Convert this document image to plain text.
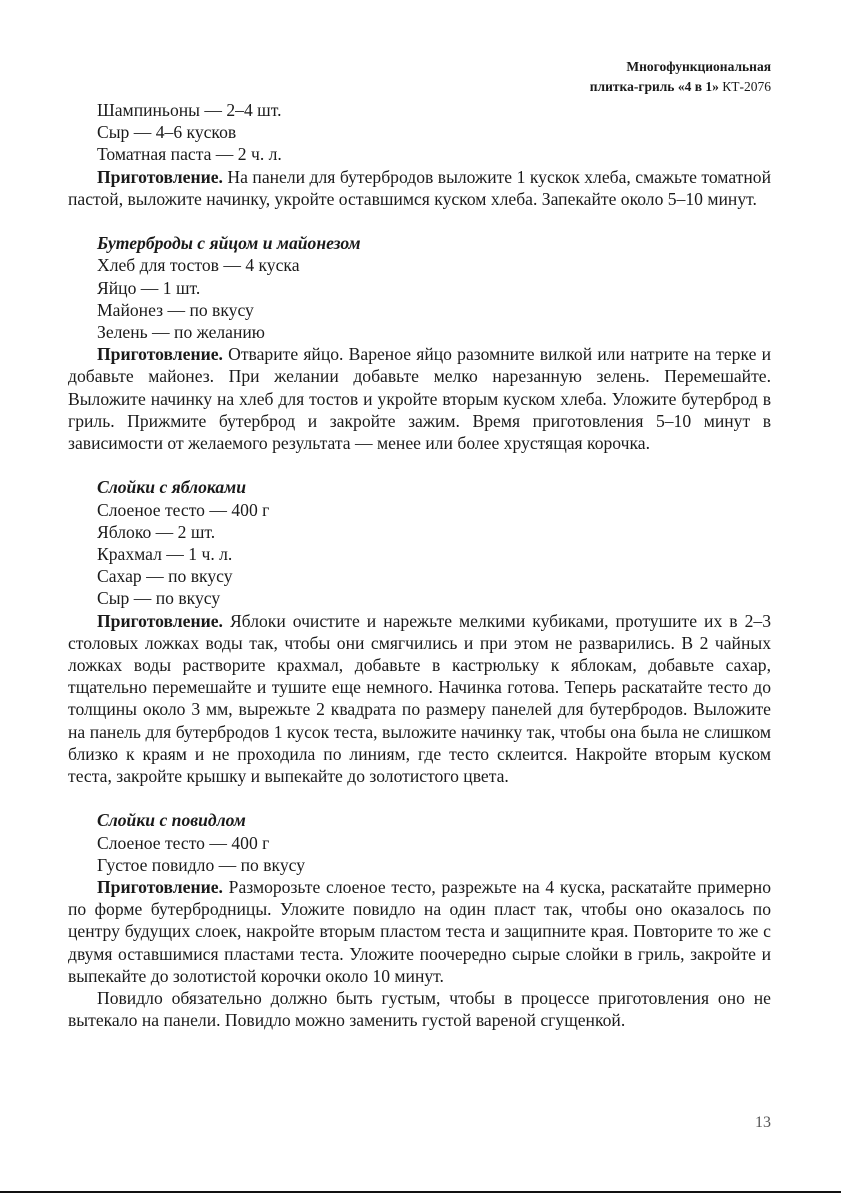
Многофункциональная
плитка-гриль «4 в 1» КТ-2076
Шампиньоны — 2–4 шт.
Сыр — 4–6 кусков
Томатная паста — 2 ч. л.

Приготовление. На панели для бутербродов выложите 1 кускок хлеба, смажьте томатной пастой, выложите начинку, укройте оставшимся куском хлеба. Запекайте около 5–10 минут.

Бутерброды с яйцом и майонезом
Хлеб для тостов — 4 куска
Яйцо — 1 шт.
Майонез — по вкусу
Зелень — по желанию

Приготовление. Отварите яйцо. Вареное яйцо разомните вилкой или натрите на терке и добавьте майонез. При желании добавьте мелко нарезанную зелень. Перемешайте. Выложите начинку на хлеб для тостов и укройте вторым куском хлеба. Уложите бутерброд в гриль. Прижмите бутерброд и закройте зажим. Время приготовления 5–10 минут в зависимости от желаемого результата — менее или более хрустящая корочка.

Слойки с яблоками
Слоеное тесто — 400 г
Яблоко — 2 шт.
Крахмал — 1 ч. л.
Сахар — по вкусу
Сыр — по вкусу

Приготовление. Яблоки очистите и нарежьте мелкими кубиками, протушите их в 2–3 столовых ложках воды так, чтобы они смягчились и при этом не разварились. В 2 чайных ложках воды растворите крахмал, добавьте в кастрюльку к яблокам, добавьте сахар, тщательно перемешайте и тушите еще немного. Начинка готова. Теперь раскатайте тесто до толщины около 3 мм, вырежьте 2 квадрата по размеру панелей для бутербродов. Выложите на панель для бутербродов 1 кусок теста, выложите начинку так, чтобы она была не слишком близко к краям и не проходила по линиям, где тесто склеится. Накройте вторым куском теста, закройте крышку и выпекайте до золотистого цвета.

Слойки с повидлом
Слоеное тесто — 400 г
Густое повидло — по вкусу

Приготовление. Разморозьте слоеное тесто, разрежьте на 4 куска, раскатайте примерно по форме бутербродницы. Уложите повидло на один пласт так, чтобы оно оказалось по центру будущих слоек, накройте вторым пластом теста и защипните края. Повторите то же с двумя оставшимися пластами теста. Уложите поочередно сырые слойки в гриль, закройте и выпекайте до золотистой корочки около 10 минут.

Повидло обязательно должно быть густым, чтобы в процессе приготовления оно не вытекало на панели. Повидло можно заменить густой вареной сгущенкой.

13
